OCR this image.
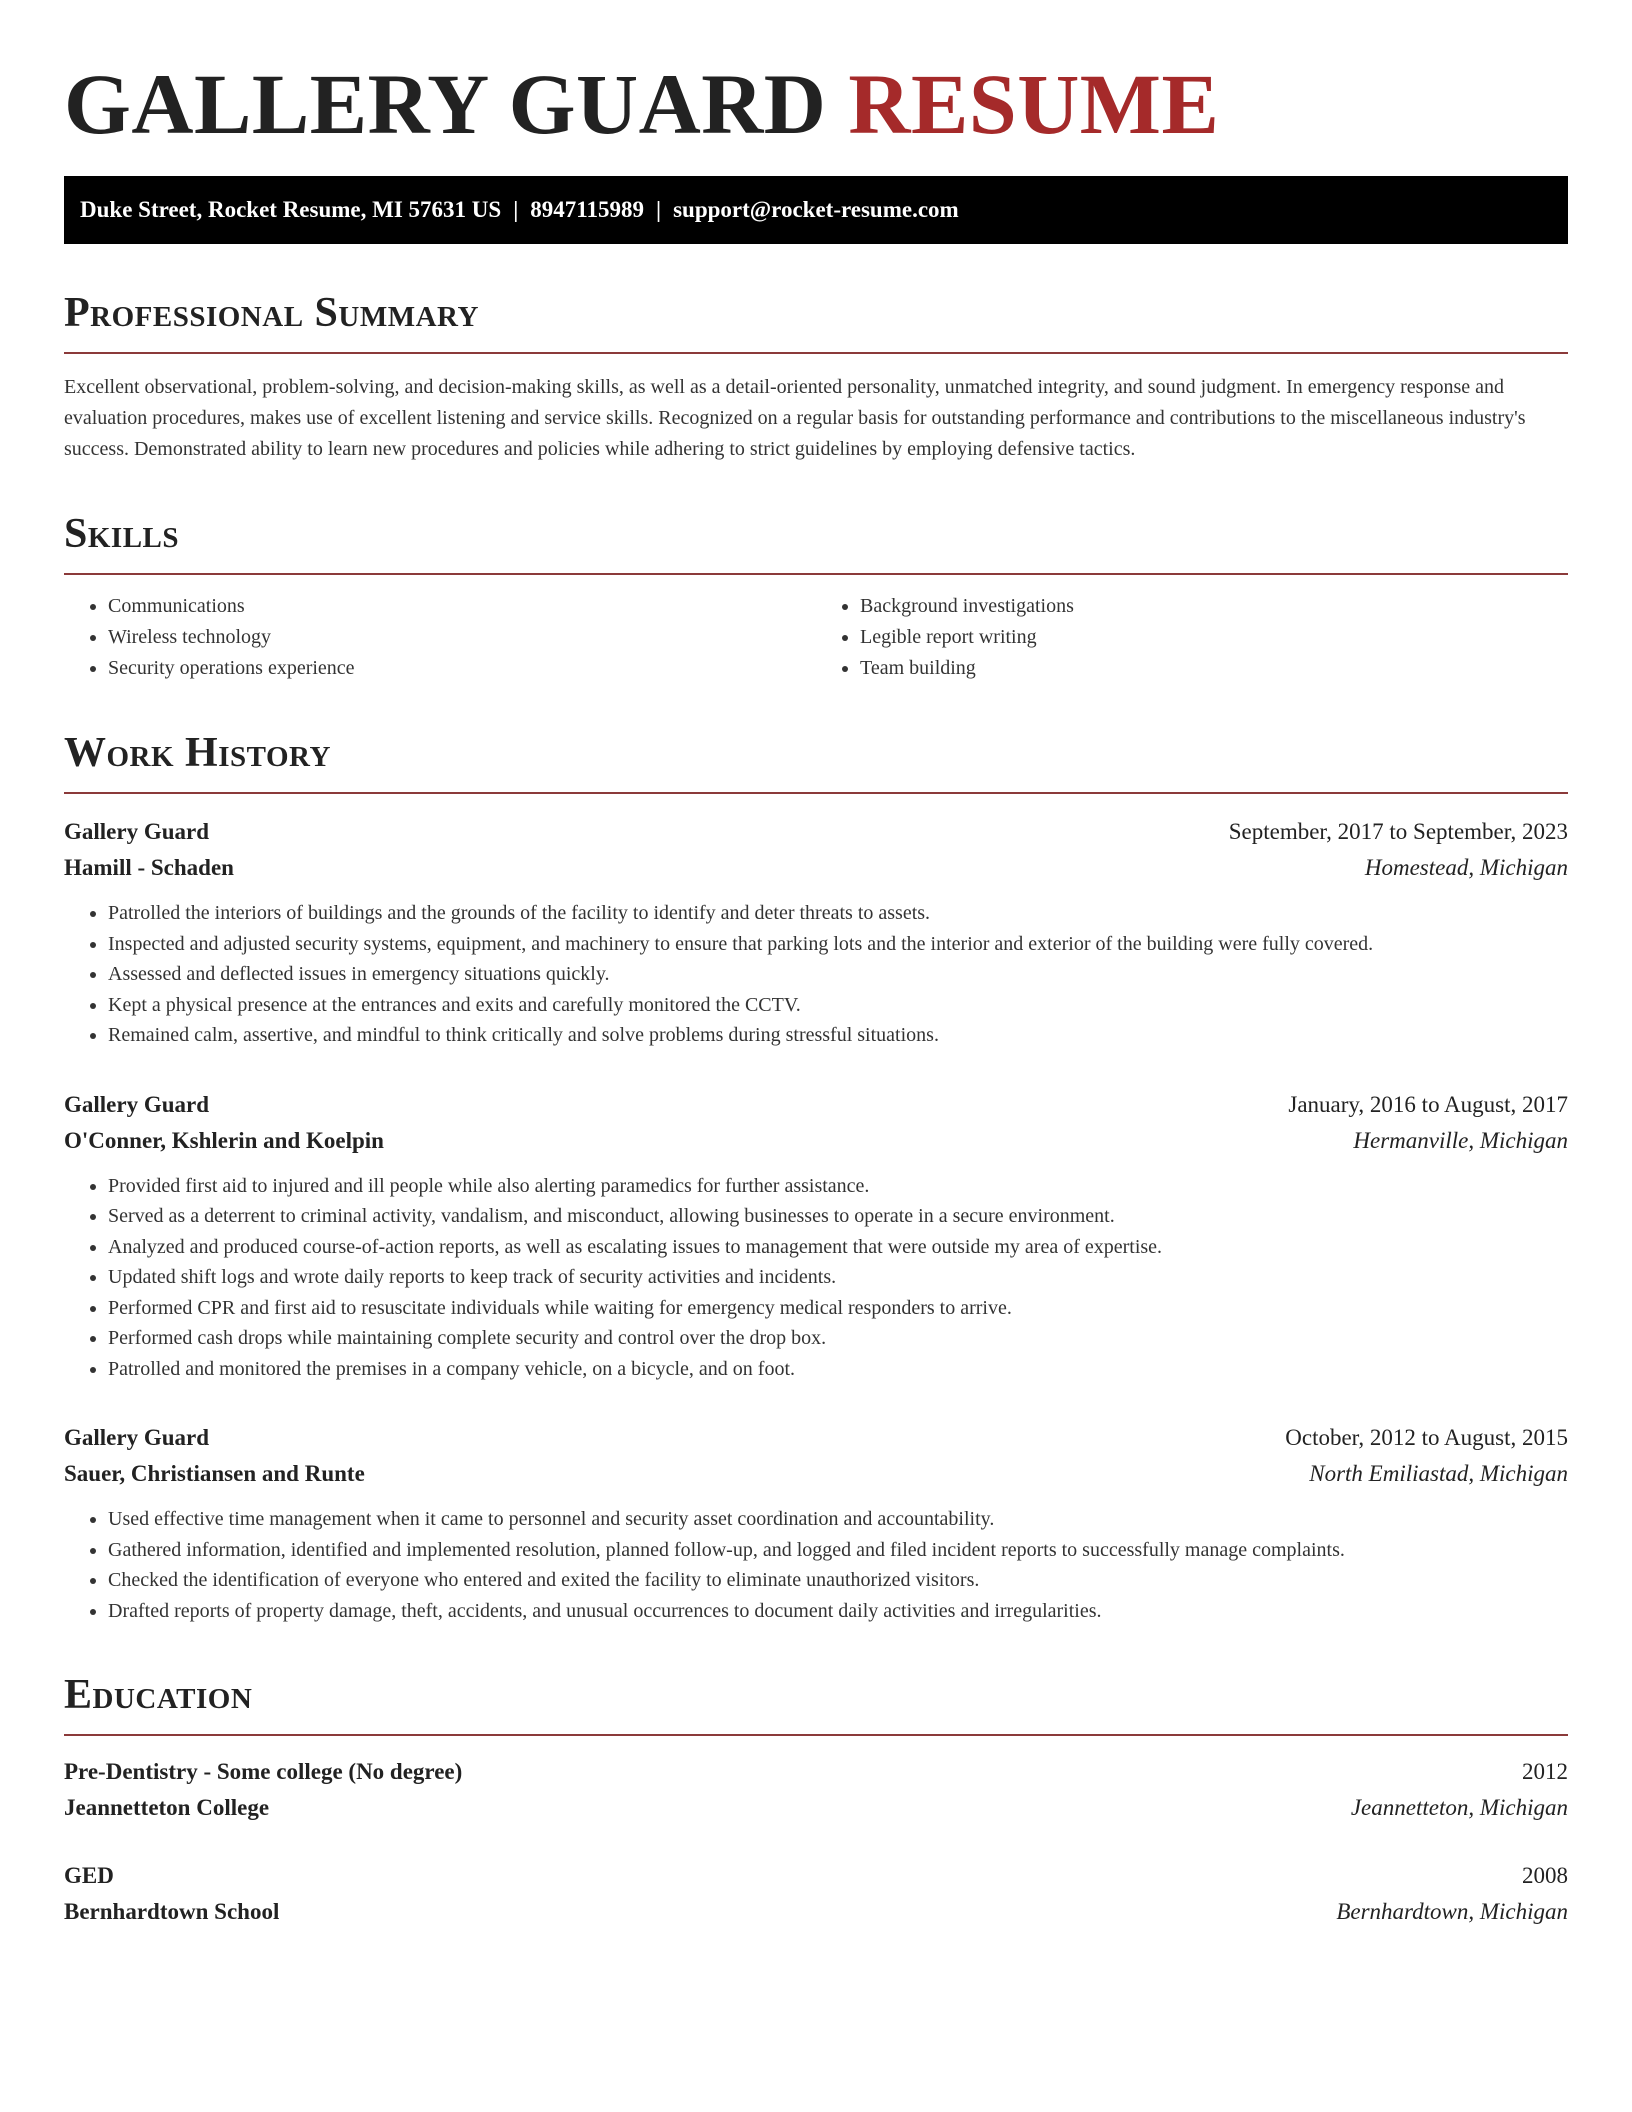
GALLERY GUARD RESUME
Duke Street, Rocket Resume, MI 57631 US | 8947115989 | support@rocket-resume.com
Professional Summary

Excellent observational, problem-solving, and decision-making skills, as well as a detail-oriented personality, unmatched integrity, and sound judgment. In emergency response and evaluation procedures, makes use of excellent listening and service skills. Recognized on a regular basis for outstanding performance and contributions to the miscellaneous industry's success. Demonstrated ability to learn new procedures and policies while adhering to strict guidelines by employing defensive tactics.

Skills
• Communications
• Wireless technology
• Security operations experience
• Background investigations
• Legible report writing
• Team building
Work History
Gallery Guard	September, 2017 to September, 2023
Hamill - Schaden	Homestead, Michigan
• Patrolled the interiors of buildings and the grounds of the facility to identify and deter threats to assets.
• Inspected and adjusted security systems, equipment, and machinery to ensure that parking lots and the interior and exterior of the building were fully covered.
• Assessed and deflected issues in emergency situations quickly.
• Kept a physical presence at the entrances and exits and carefully monitored the CCTV.
• Remained calm, assertive, and mindful to think critically and solve problems during stressful situations.
Gallery Guard	January, 2016 to August, 2017
O'Conner, Kshlerin and Koelpin	Hermanville, Michigan
• Provided first aid to injured and ill people while also alerting paramedics for further assistance.
• Served as a deterrent to criminal activity, vandalism, and misconduct, allowing businesses to operate in a secure environment.
• Analyzed and produced course-of-action reports, as well as escalating issues to management that were outside my area of expertise.
• Updated shift logs and wrote daily reports to keep track of security activities and incidents.
• Performed CPR and first aid to resuscitate individuals while waiting for emergency medical responders to arrive.
• Performed cash drops while maintaining complete security and control over the drop box.
• Patrolled and monitored the premises in a company vehicle, on a bicycle, and on foot.
Gallery Guard	October, 2012 to August, 2015
Sauer, Christiansen and Runte	North Emiliastad, Michigan
• Used effective time management when it came to personnel and security asset coordination and accountability.
• Gathered information, identified and implemented resolution, planned follow-up, and logged and filed incident reports to successfully manage complaints.
• Checked the identification of everyone who entered and exited the facility to eliminate unauthorized visitors.
• Drafted reports of property damage, theft, accidents, and unusual occurrences to document daily activities and irregularities.
Education
Pre-Dentistry - Some college (No degree)	2012
Jeannetteton College	Jeannetteton, Michigan
GED	2008
Bernhardtown School	Bernhardtown, Michigan
